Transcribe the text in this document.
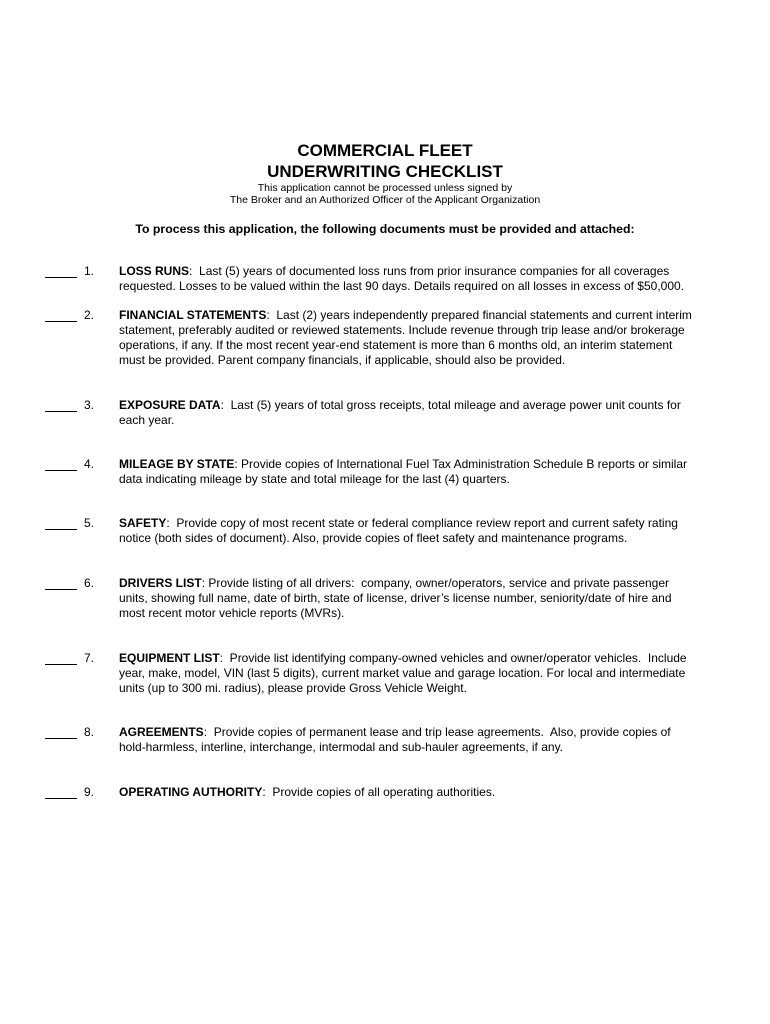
COMMERCIAL FLEET
UNDERWRITING CHECKLIST
This application cannot be processed unless signed by
The Broker and an Authorized Officer of the Applicant Organization
To process this application, the following documents must be provided and attached:
1. LOSS RUNS:  Last (5) years of documented loss runs from prior insurance companies for all coverages
requested. Losses to be valued within the last 90 days. Details required on all losses in excess of $50,000.
2. FINANCIAL STATEMENTS:  Last (2) years independently prepared financial statements and current interim
statement, preferably audited or reviewed statements. Include revenue through trip lease and/or brokerage
operations, if any. If the most recent year-end statement is more than 6 months old, an interim statement
must be provided. Parent company financials, if applicable, should also be provided.
3. EXPOSURE DATA:  Last (5) years of total gross receipts, total mileage and average power unit counts for
each year.
4. MILEAGE BY STATE: Provide copies of International Fuel Tax Administration Schedule B reports or similar
data indicating mileage by state and total mileage for the last (4) quarters.
5. SAFETY:  Provide copy of most recent state or federal compliance review report and current safety rating
notice (both sides of document). Also, provide copies of fleet safety and maintenance programs.
6. DRIVERS LIST: Provide listing of all drivers:  company, owner/operators, service and private passenger
units, showing full name, date of birth, state of license, driver’s license number, seniority/date of hire and
most recent motor vehicle reports (MVRs).
7. EQUIPMENT LIST:  Provide list identifying company-owned vehicles and owner/operator vehicles.  Include
year, make, model, VIN (last 5 digits), current market value and garage location. For local and intermediate
units (up to 300 mi. radius), please provide Gross Vehicle Weight.
8. AGREEMENTS:  Provide copies of permanent lease and trip lease agreements.  Also, provide copies of
hold-harmless, interline, interchange, intermodal and sub-hauler agreements, if any.
9. OPERATING AUTHORITY:  Provide copies of all operating authorities.
